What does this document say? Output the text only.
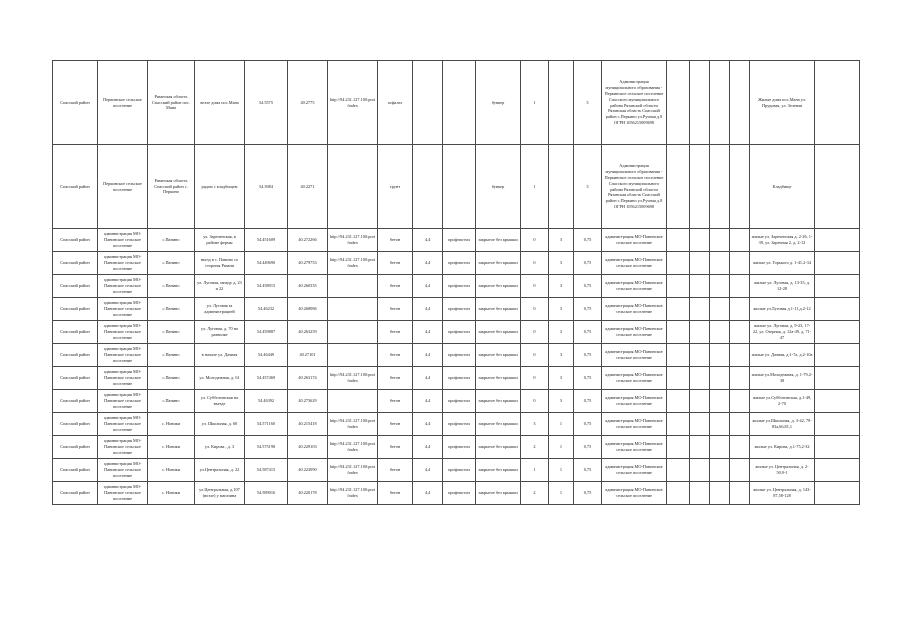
Спасский район	Перкинское сельское поселение	Рязанская область Спасский район пос. Мана	возле дома пос.Мана	54.5575	40.2775	http://94.231.127.100:port/index	асфальт			бункер	1		3	Администрация муниципального образования - Перкинское сельское поселение Спасского муниципального района Рязанской области Рязанская область Спасский район с.Перкино ул.Ручная д.8 ОГРН 1056215009698					Жилые дома пос.Мана ул. Прудовая, ул. Зеленая	
Спасский район	Перкинское сельское поселение	Рязанская область Спасский район с. Перкино	рядом с кладбищем	54.3984	40.2271		грунт			бункер	1		3	Администрация муниципального образования - Перкинское сельское поселение Спасского муниципального района Рязанской области Рязанская область Спасский район с.Перкино ул.Ручная д.8 ОГРН 1056215009698					Кладбище	
Спасский район	администрация МО-Панинское сельское поселение	с.Панино	ул. Зареченская, в районе фермы	54.451609	40.272266	http://94.231.127.100:port/index	бетон	4,4	профнастил	закрытое без крышки	0	3	0,75	администрация МО-Панинское сельское поселение					жилые ул. Зареченская д. 2-26, 1-39, ул. Заречная 2, д. 2-12	
Спасский район	администрация МО-Панинское сельское поселение	с.Панино	въезд в с. Панино со стороны Рязани	54.449690	40.279753	http://94.231.127.100:port/index	бетон	4,4	профнастил	закрытое без крышки	0	3	0,75	администрация МО-Панинское сельское поселение					жилые ул. Горького д. 1-41,2-34	
Спасский район	администрация МО-Панинское сельское поселение	с.Панино	ул. Луговая, между д. 23 и 22	54.458915	40.260335		бетон	4,4	профнастил	закрытое без крышки	0	3	0,75	администрация МО-Панинское сельское поселение					жилые ул. Луговая, д. 13-35, д. 12-28	
Спасский район	администрация МО-Панинское сельское поселение	с.Панино	ул. Луговая за администрацией	54.46232	40.268086		бетон	4,4	профнастил	закрытое без крышки	0	3	0,75	администрация МО-Панинское сельское поселение					жилые ул.Луговая д.1-11,д.2-12	
Спасский район	администрация МО-Панинское сельское поселение	с.Панино	ул. Луговая, д. 70 на развилке	54.459887	40.263259		бетон	4,4	профнастил	закрытое без крышки	0	3	0,75	администрация МО-Панинское сельское поселение					жилые ул. Луговая, д. 9-23, 17-22, ул. Озерная, д. 12а-49, д. 71-47	
Спасский район	администрация МО-Панинское сельское поселение	с.Панино	в начале ул. Дачная	54.46449	40.27101		бетон	4,4	профнастил	закрытое без крышки	0	3	0,75	администрация МО-Панинское сельское поселение					жилые ул. Дачная, д.1-7а, д.2-10а	
Спасский район	администрация МО-Панинское сельское поселение	с.Панино	ул. Молодежная, д. 61	54.457469	40.263174	http://94.231.127.100:port/index	бетон	4,4	профнастил	закрытое без крышки	0	3	0,75	администрация МО-Панинское сельское поселение					жилые ул.Молодежная, д. 1-79,2-38	
Спасский район	администрация МО-Панинское сельское поселение	с.Панино	ул. Субботинская на въезде	54.46392	40.273629		бетон	4,4	профнастил	закрытое без крышки	0	3	0,75	администрация МО-Панинское сельское поселение					жилые ул.Субботинская, д.1-49, 2-70	
Спасский район	администрация МО-Панинское сельское поселение	с. Новики	ул. Школьная, д. 60	54.571160	40.215418	http://94.231.127.100:port/index	бетон	4,4	профнастил	закрытое без крышки	3	1	0,75	администрация МО-Панинское сельское поселение					жилые ул.Школьная, д. 3-42, 79-83а,66,81,1	
Спасский район	администрация МО-Панинское сельское поселение	с. Новики	ул. Кирова , д. 3	54.575198	40.229103	http://94.231.127.100:port/index	бетон	4,4	профнастил	закрытое без крышки	2	1	0,75	администрация МО-Панинское сельское поселение					жилые ул. Кирова, д.1-75,2-32	
Спасский район	администрация МО-Панинское сельское поселение	с. Новики	ул.Центральная, д. 22	54.587415	40.223090	http://94.231.127.100:port/index	бетон	4,4	профнастил	закрытое без крышки	1	1	0,75	администрация МО-Панинское сельское поселение					жилые ул. Центральная, д. 2-50,9-1	
Спасский район	администрация МО-Панинское сельское поселение	с. Новики	ул.Центральная, д.107 (возле) у магазина	54.589016	40.220178	http://94.231.127.100:port/index	бетон	4,4	профнастил	закрытое без крышки	2	1	0,75	администрация МО-Панинское сельское поселение					жилые ул. Центральная, д. 143-87,58-128	
